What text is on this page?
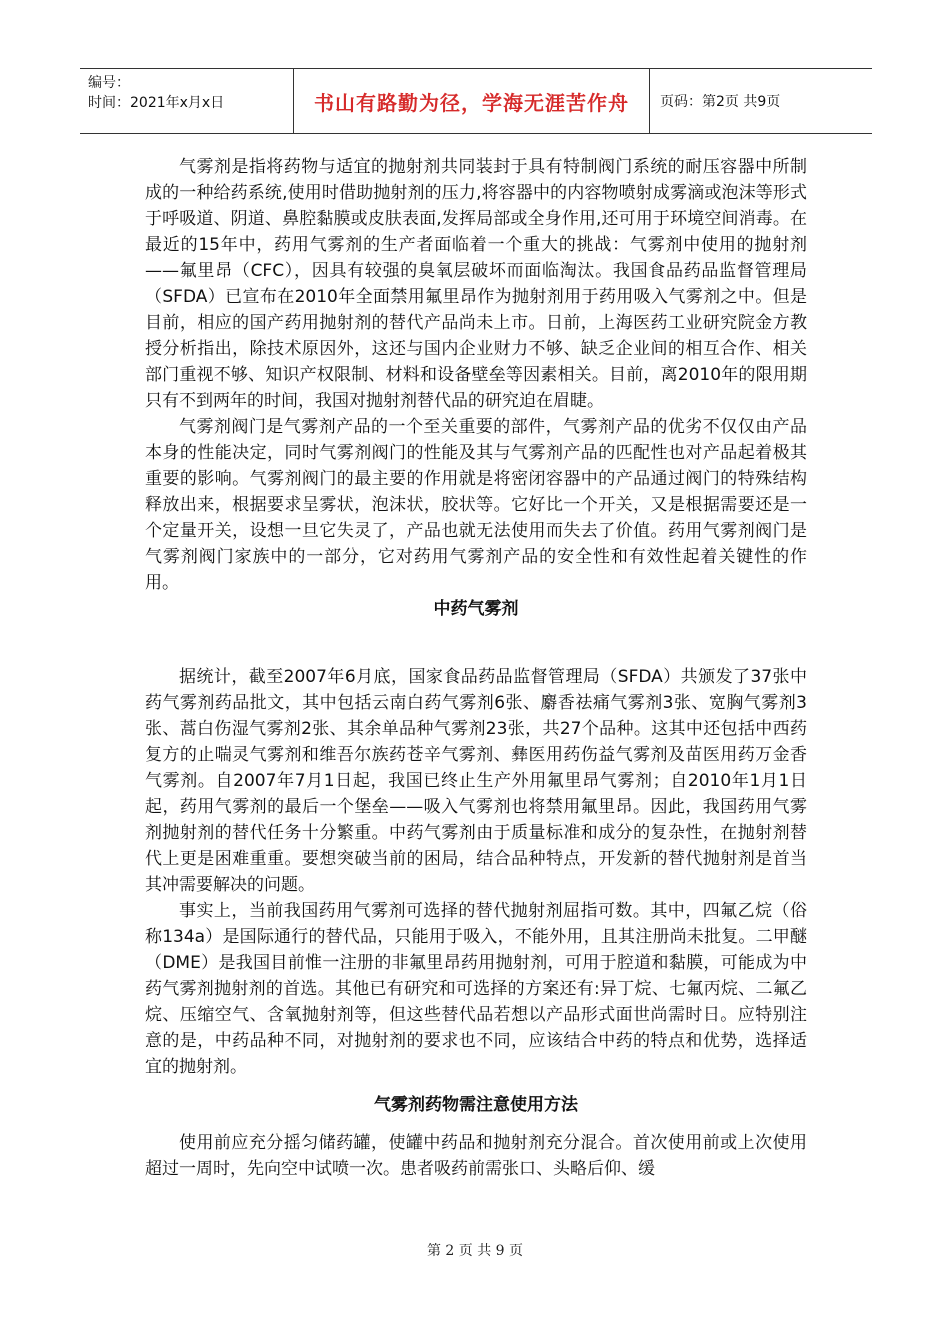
编号：
时间：2021年x月x日	书山有路勤为径，学海无涯苦作舟	页码：第2页 共9页

气雾剂是指将药物与适宜的抛射剂共同装封于具有特制阀门系统的耐压容器中所制成的一种给药系统,使用时借助抛射剂的压力,将容器中的内容物喷射成雾滴或泡沫等形式于呼吸道、阴道、鼻腔黏膜或皮肤表面,发挥局部或全身作用,还可用于环境空间消毒。在最近的15年中，药用气雾剂的生产者面临着一个重大的挑战：气雾剂中使用的抛射剂——氟里昂（CFC），因具有较强的臭氧层破坏而面临淘汰。我国食品药品监督管理局（SFDA）已宣布在2010年全面禁用氟里昂作为抛射剂用于药用吸入气雾剂之中。但是目前，相应的国产药用抛射剂的替代产品尚未上市。日前，上海医药工业研究院金方教授分析指出，除技术原因外，这还与国内企业财力不够、缺乏企业间的相互合作、相关部门重视不够、知识产权限制、材料和设备壁垒等因素相关。目前，离2010年的限用期只有不到两年的时间，我国对抛射剂替代品的研究迫在眉睫。

气雾剂阀门是气雾剂产品的一个至关重要的部件，气雾剂产品的优劣不仅仅由产品本身的性能决定，同时气雾剂阀门的性能及其与气雾剂产品的匹配性也对产品起着极其重要的影响。气雾剂阀门的最主要的作用就是将密闭容器中的产品通过阀门的特殊结构释放出来，根据要求呈雾状，泡沫状，胶状等。它好比一个开关，又是根据需要还是一个定量开关，设想一旦它失灵了，产品也就无法使用而失去了价值。药用气雾剂阀门是气雾剂阀门家族中的一部分，它对药用气雾剂产品的安全性和有效性起着关键性的作用。

中药气雾剂

据统计，截至2007年6月底，国家食品药品监督管理局（SFDA）共颁发了37张中药气雾剂药品批文，其中包括云南白药气雾剂6张、麝香祛痛气雾剂3张、宽胸气雾剂3张、蒿白伤湿气雾剂2张、其余单品种气雾剂23张，共27个品种。这其中还包括中西药复方的止喘灵气雾剂和维吾尔族药苍辛气雾剂、彝医用药伤益气雾剂及苗医用药万金香气雾剂。自2007年7月1日起，我国已终止生产外用氟里昂气雾剂；自2010年1月1日起，药用气雾剂的最后一个堡垒——吸入气雾剂也将禁用氟里昂。因此，我国药用气雾剂抛射剂的替代任务十分繁重。中药气雾剂由于质量标准和成分的复杂性，在抛射剂替代上更是困难重重。要想突破当前的困局，结合品种特点，开发新的替代抛射剂是首当其冲需要解决的问题。

事实上，当前我国药用气雾剂可选择的替代抛射剂屈指可数。其中，四氟乙烷（俗称134a）是国际通行的替代品，只能用于吸入，不能外用，且其注册尚未批复。二甲醚（DME）是我国目前惟一注册的非氟里昂药用抛射剂，可用于腔道和黏膜，可能成为中药气雾剂抛射剂的首选。其他已有研究和可选择的方案还有:异丁烷、七氟丙烷、二氟乙烷、压缩空气、含氧抛射剂等，但这些替代品若想以产品形式面世尚需时日。应特别注意的是，中药品种不同，对抛射剂的要求也不同，应该结合中药的特点和优势，选择适宜的抛射剂。

气雾剂药物需注意使用方法

使用前应充分摇匀储药罐，使罐中药品和抛射剂充分混合。首次使用前或上次使用超过一周时，先向空中试喷一次。患者吸药前需张口、头略后仰、缓

第 2 页 共 9 页
